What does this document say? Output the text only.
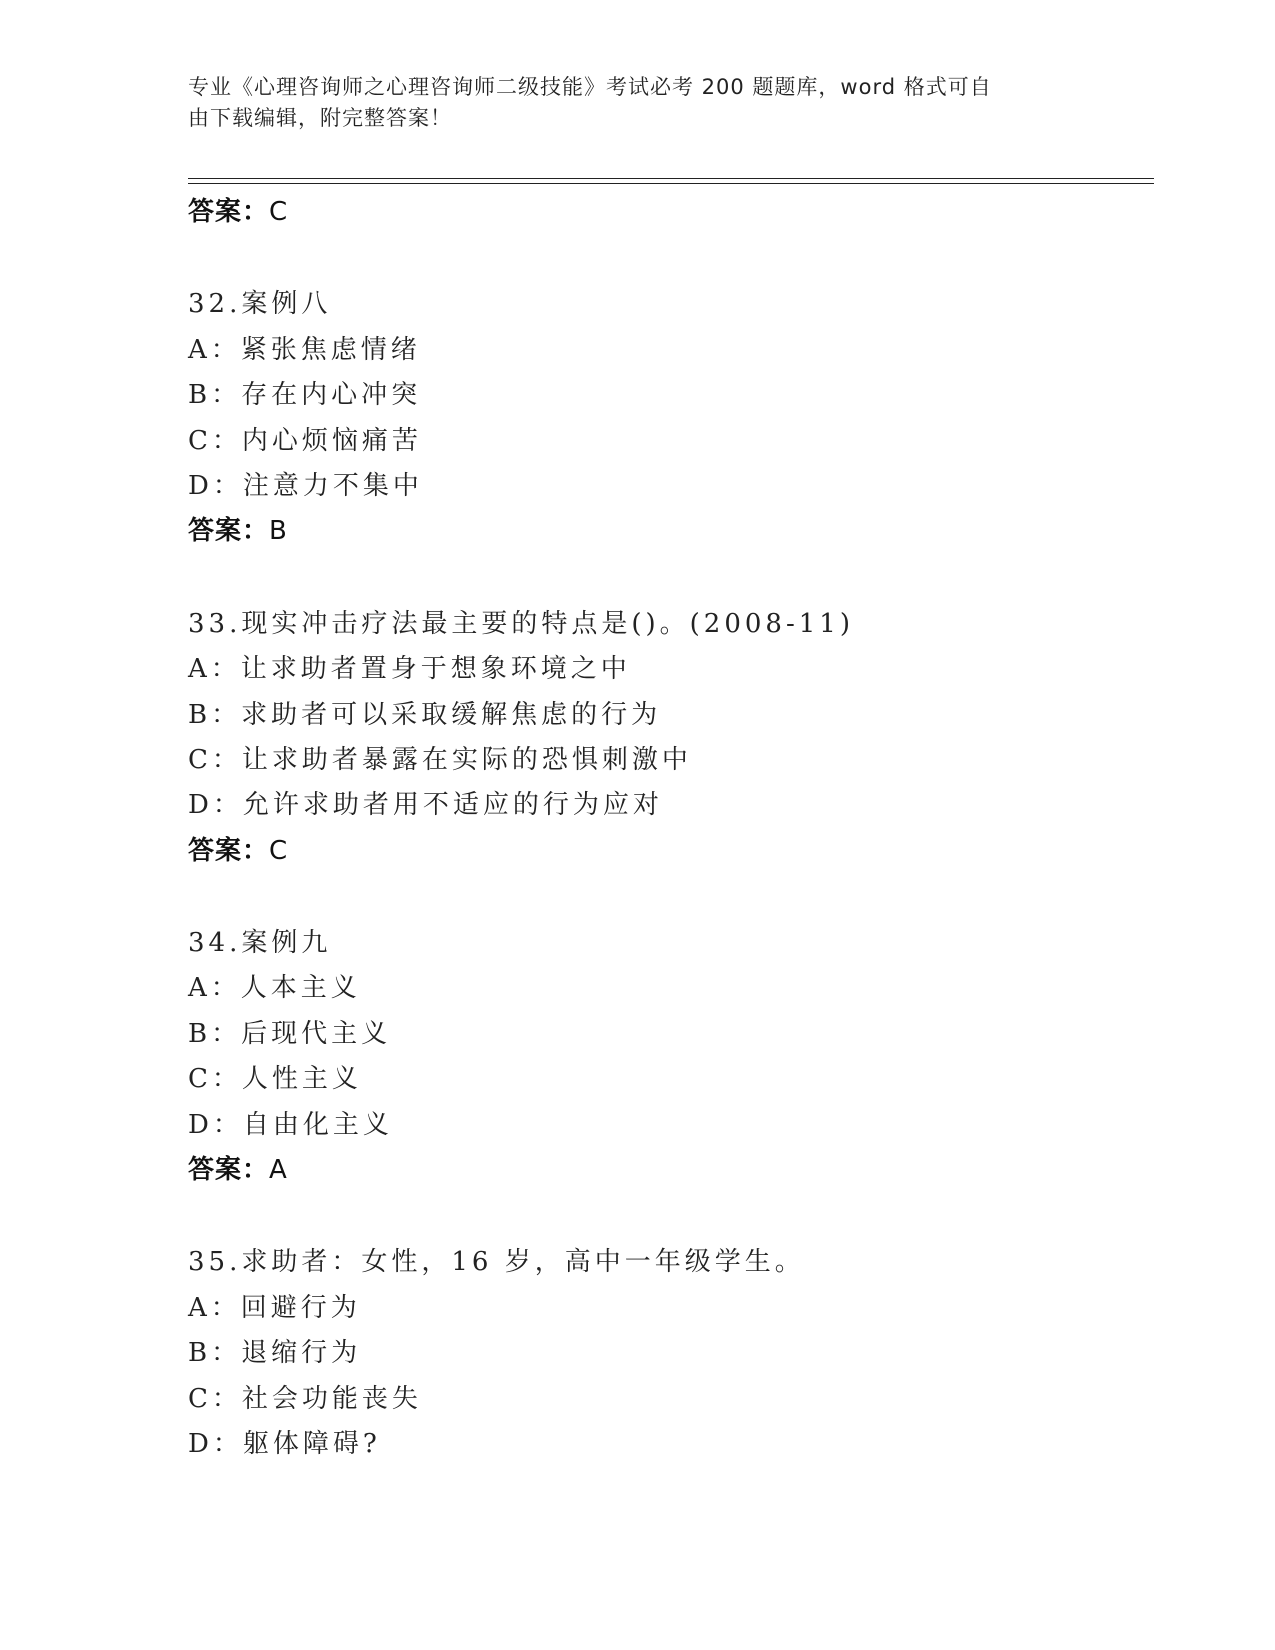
专业《心理咨询师之心理咨询师二级技能》考试必考 200 题题库，word 格式可自
由下载编辑，附完整答案！
答案：C
32.案例八
A：紧张焦虑情绪
B：存在内心冲突
C：内心烦恼痛苦
D：注意力不集中
答案：B
33.现实冲击疗法最主要的特点是()。(2008-11)
A：让求助者置身于想象环境之中
B：求助者可以采取缓解焦虑的行为
C：让求助者暴露在实际的恐惧刺激中
D：允许求助者用不适应的行为应对
答案：C
34.案例九
A：人本主义
B：后现代主义
C：人性主义
D：自由化主义
答案：A
35.求助者：女性，16 岁，高中一年级学生。
A：回避行为
B：退缩行为
C：社会功能丧失
D：躯体障碍?
